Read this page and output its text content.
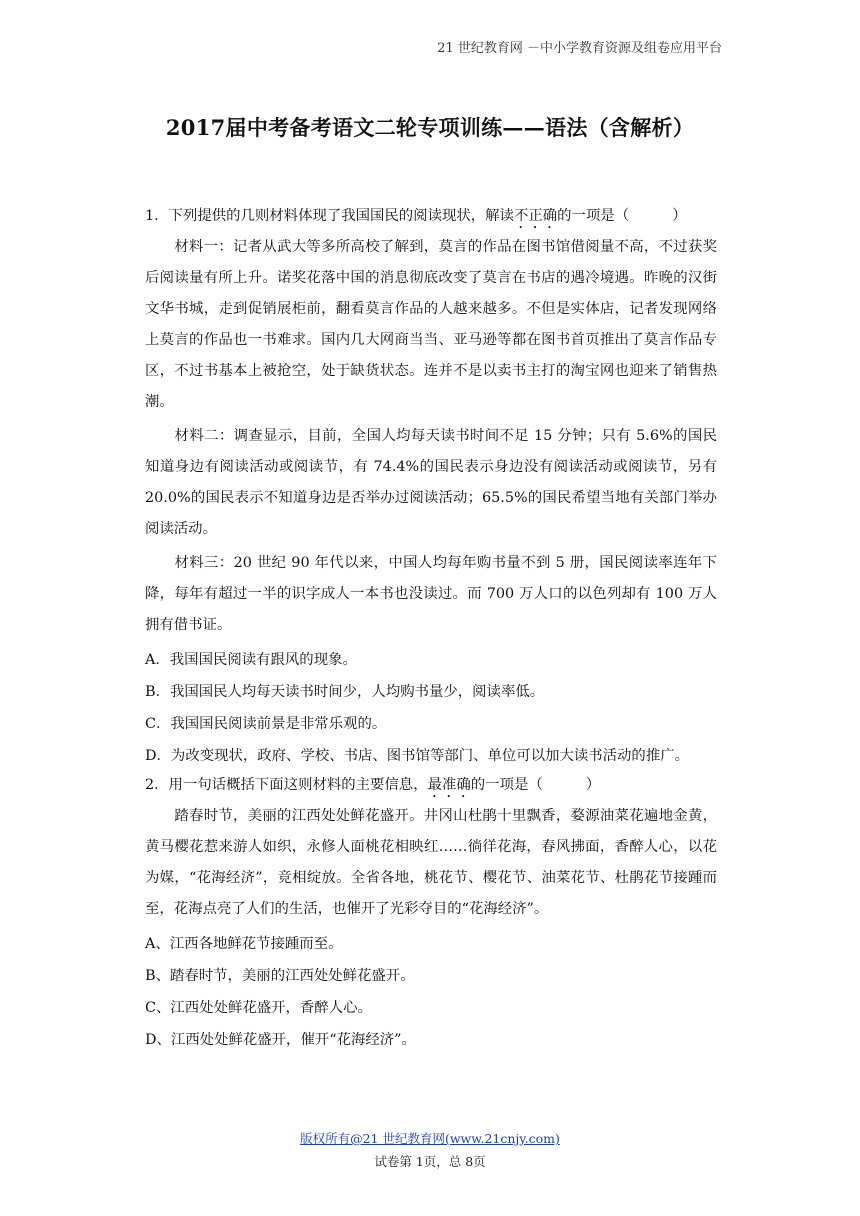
21 世纪教育网 －中小学教育资源及组卷应用平台
2017届中考备考语文二轮专项训练——语法（含解析）

1．下列提供的几则材料体现了我国国民的阅读现状，解读不正确的一项是（　　　）

　　材料一：记者从武大等多所高校了解到，莫言的作品在图书馆借阅量不高，不过获奖后阅读量有所上升。诺奖花落中国的消息彻底改变了莫言在书店的遇冷境遇。昨晚的汉街文华书城，走到促销展柜前，翻看莫言作品的人越来越多。不但是实体店，记者发现网络上莫言的作品也一书难求。国内几大网商当当、亚马逊等都在图书首页推出了莫言作品专区，不过书基本上被抢空，处于缺货状态。连并不是以卖书主打的淘宝网也迎来了销售热潮。

　　材料二：调查显示，目前，全国人均每天读书时间不足 15 分钟；只有 5.6%的国民知道身边有阅读活动或阅读节，有 74.4%的国民表示身边没有阅读活动或阅读节，另有 20.0%的国民表示不知道身边是否举办过阅读活动；65.5%的国民希望当地有关部门举办阅读活动。

　　材料三：20 世纪 90 年代以来，中国人均每年购书量不到 5 册，国民阅读率连年下降，每年有超过一半的识字成人一本书也没读过。而 700 万人口的以色列却有 100 万人拥有借书证。

A．我国国民阅读有跟风的现象。

B．我国国民人均每天读书时间少，人均购书量少，阅读率低。

C．我国国民阅读前景是非常乐观的。

D．为改变现状，政府、学校、书店、图书馆等部门、单位可以加大读书活动的推广。

2．用一句话概括下面这则材料的主要信息，最准确的一项是（　　　）

　　踏春时节，美丽的江西处处鲜花盛开。井冈山杜鹃十里飘香，婺源油菜花遍地金黄，黄马樱花惹来游人如织，永修人面桃花相映红……徜徉花海，春风拂面，香醉人心，以花为媒，“花海经济”，竞相绽放。全省各地，桃花节、樱花节、油菜花节、杜鹃花节接踵而至，花海点亮了人们的生活，也催开了光彩夺目的“花海经济”。

A、江西各地鲜花节接踵而至。

B、踏春时节，美丽的江西处处鲜花盛开。

C、江西处处鲜花盛开，香醉人心。

D、江西处处鲜花盛开，催开“花海经济”。

版权所有@21 世纪教育网(www.21cnjy.com)
试卷第 1页，总 8页
